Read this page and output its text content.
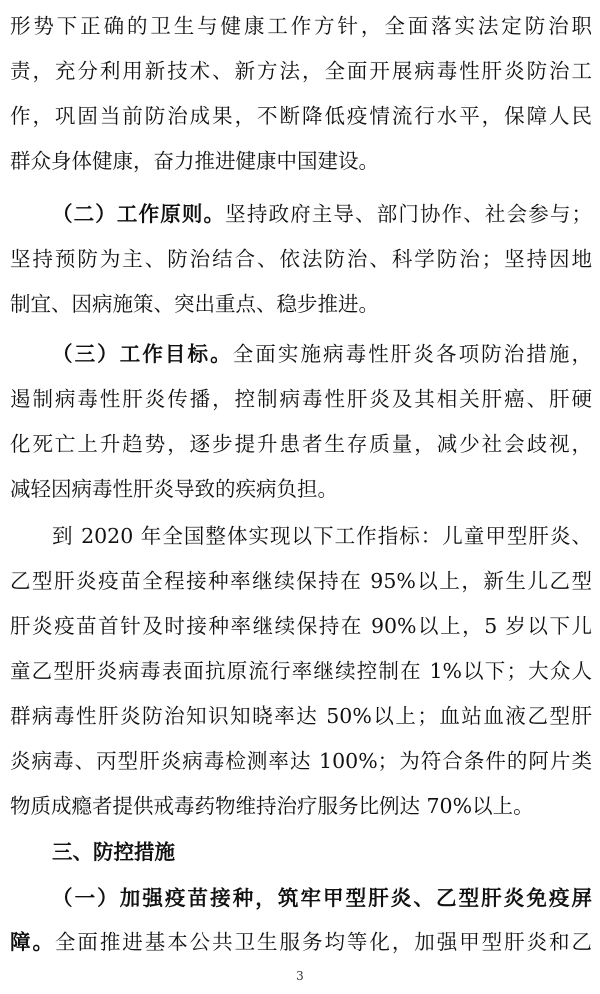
形势下正确的卫生与健康工作方针，全面落实法定防治职
责，充分利用新技术、新方法，全面开展病毒性肝炎防治工
作，巩固当前防治成果，不断降低疫情流行水平，保障人民
群众身体健康，奋力推进健康中国建设。
（二）工作原则。坚持政府主导、部门协作、社会参与；
坚持预防为主、防治结合、依法防治、科学防治；坚持因地
制宜、因病施策、突出重点、稳步推进。
（三）工作目标。全面实施病毒性肝炎各项防治措施，
遏制病毒性肝炎传播，控制病毒性肝炎及其相关肝癌、肝硬
化死亡上升趋势，逐步提升患者生存质量，减少社会歧视，
减轻因病毒性肝炎导致的疾病负担。
到 2020 年全国整体实现以下工作指标：儿童甲型肝炎、
乙型肝炎疫苗全程接种率继续保持在 95%以上，新生儿乙型
肝炎疫苗首针及时接种率继续保持在 90%以上，5 岁以下儿
童乙型肝炎病毒表面抗原流行率继续控制在 1%以下；大众人
群病毒性肝炎防治知识知晓率达 50%以上；血站血液乙型肝
炎病毒、丙型肝炎病毒检测率达 100%；为符合条件的阿片类
物质成瘾者提供戒毒药物维持治疗服务比例达 70%以上。
三、防控措施
（一）加强疫苗接种，筑牢甲型肝炎、乙型肝炎免疫屏
障。全面推进基本公共卫生服务均等化，加强甲型肝炎和乙
3
